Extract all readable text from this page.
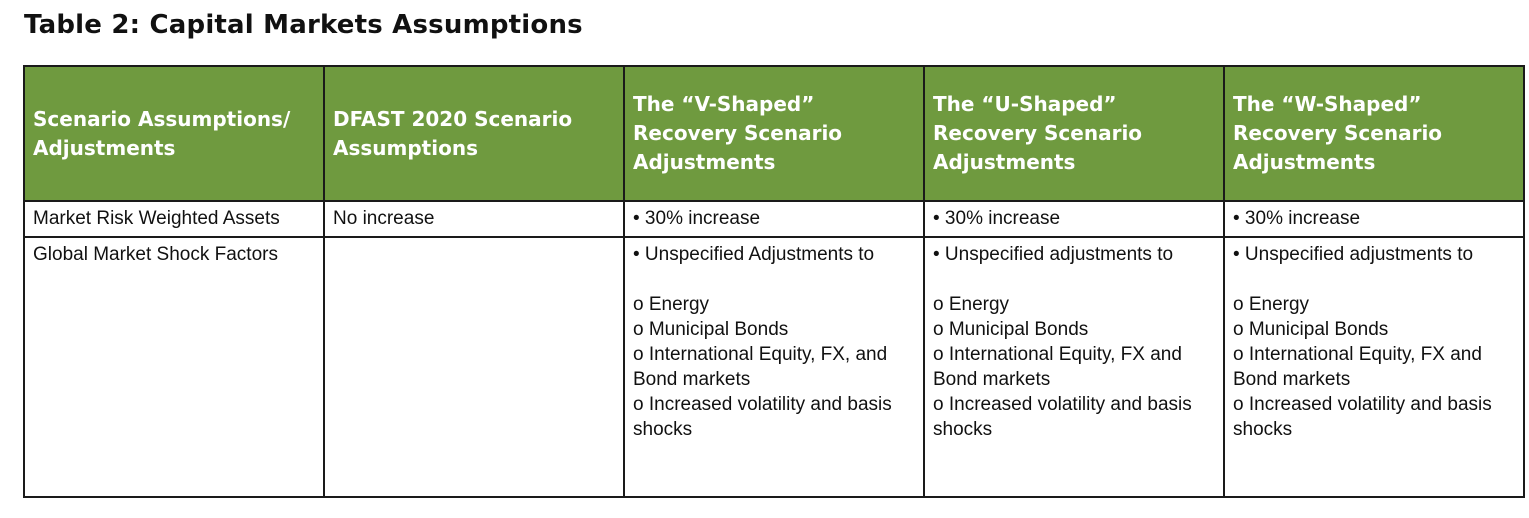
Table 2: Capital Markets Assumptions
Scenario Assumptions/ Adjustments	DFAST 2020 Scenario Assumptions	The “V-Shaped” Recovery Scenario Adjustments	The “U-Shaped” Recovery Scenario Adjustments	The “W-Shaped” Recovery Scenario Adjustments
Market Risk Weighted Assets	No increase	• 30% increase	• 30% increase	• 30% increase
Global Market Shock Factors		• Unspecified Adjustments to
o Energy
o Municipal Bonds
o International Equity, FX, and Bond markets
o Increased volatility and basis shocks	• Unspecified adjustments to
o Energy
o Municipal Bonds
o International Equity, FX and Bond markets
o Increased volatility and basis shocks	• Unspecified adjustments to
o Energy
o Municipal Bonds
o International Equity, FX and Bond markets
o Increased volatility and basis shocks
